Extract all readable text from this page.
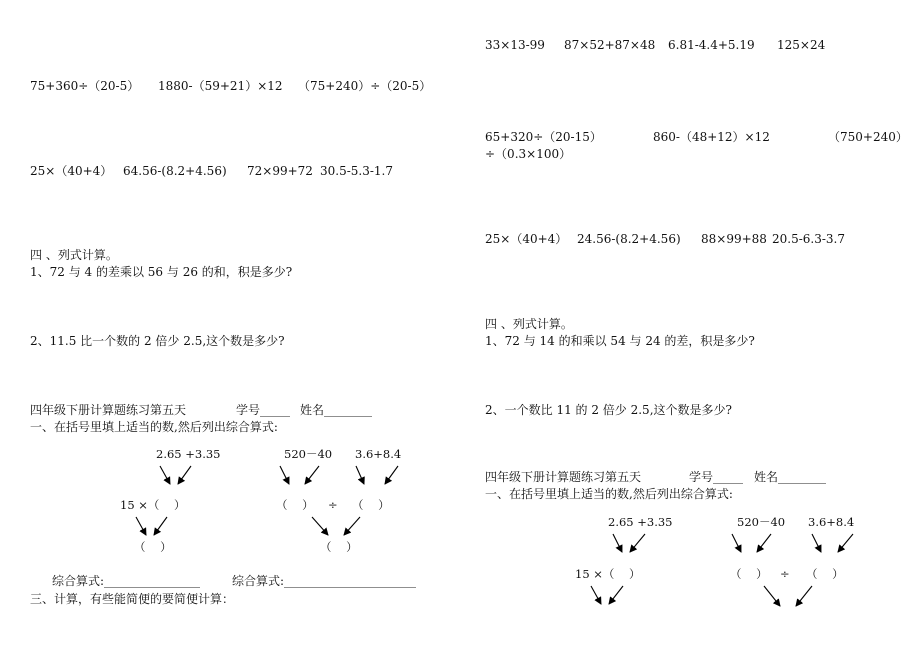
75+360÷（20-5） 1880-（59+21）×12 （75+240）÷（20-5）
25×（40+4） 64.56-(8.2+4.56) 72×99+72 30.5-5.3-1.7
四 、列式计算。
1、72 与 4 的差乘以 56 与 26 的和，积是多少?
2、11.5 比一个数的 2 倍少 2.5,这个数是多少?
四年级下册计算题练习第五天	学号_____ 姓名________
一、在括号里填上适当的数,然后列出综合算式:
2.65 +3.35	520－40 3.6+8.4
15 ×（    ）	（    ） ÷ （    ）
（    ）	（    ）
综合算式:________________	综合算式:______________________
三、计算，有些能简便的要简便计算：
33×13-99 87×52+87×48 6.81-4.4+5.19 125×24
65+320÷（20-15）	860-（48+12）×12	（750+240）
÷（0.3×100）
25×（40+4） 24.56-(8.2+4.56) 88×99+88 20.5-6.3-3.7
四 、列式计算。
1、72 与 14 的和乘以 54 与 24 的差，积是多少?
2、一个数比 11 的 2 倍少 2.5,这个数是多少?
四年级下册计算题练习第五天	学号_____ 姓名________
一、在括号里填上适当的数,然后列出综合算式:
2.65 +3.35	520－40 3.6+8.4
15 ×（    ）	（    ） ÷ （    ）
